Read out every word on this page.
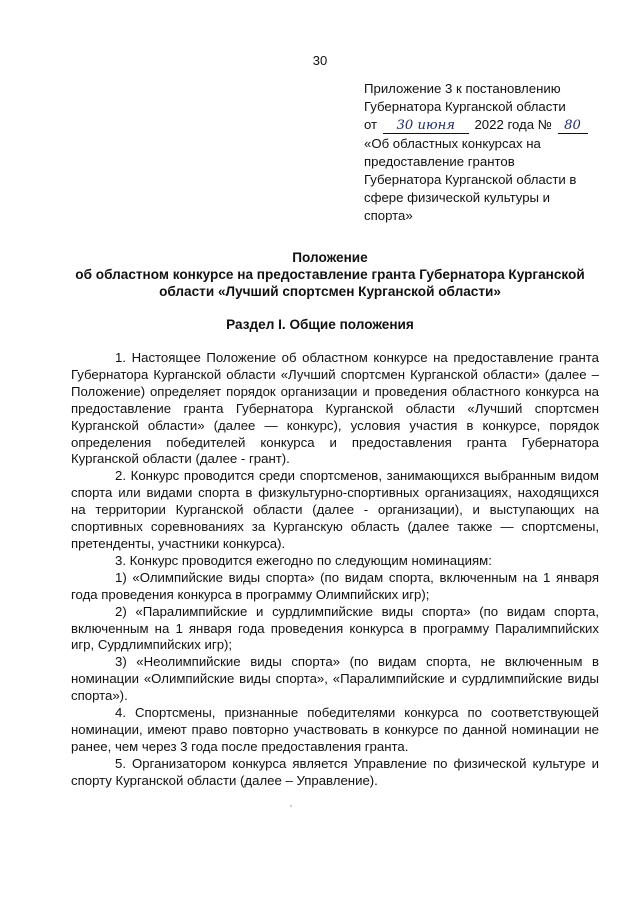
30
Приложение 3 к постановлению
Губернатора Курганской области
от 30 июня 2022 года № 80
«Об областных конкурсах на
предоставление грантов
Губернатора Курганской области в
сфере физической культуры и
спорта»
Положение
об областном конкурсе на предоставление гранта Губернатора Курганской
области «Лучший спортсмен Курганской области»
Раздел I. Общие положения

1. Настоящее Положение об областном конкурсе на предоставление гранта Губернатора Курганской области «Лучший спортсмен Курганской области» (далее – Положение) определяет порядок организации и проведения областного конкурса на предоставление гранта Губернатора Курганской области «Лучший спортсмен Курганской области» (далее — конкурс), условия участия в конкурсе, порядок определения победителей конкурса и предоставления гранта Губернатора Курганской области (далее - грант).

2. Конкурс проводится среди спортсменов, занимающихся выбранным видом спорта или видами спорта в физкультурно-спортивных организациях, находящихся на территории Курганской области (далее - организации), и выступающих на спортивных соревнованиях за Курганскую область (далее также — спортсмены, претенденты, участники конкурса).

3. Конкурс проводится ежегодно по следующим номинациям:

1) «Олимпийские виды спорта» (по видам спорта, включенным на 1 января года проведения конкурса в программу Олимпийских игр);

2) «Паралимпийские и сурдлимпийские виды спорта» (по видам спорта, включенным на 1 января года проведения конкурса в программу Паралимпийских игр, Сурдлимпийских игр);

3) «Неолимпийские виды спорта» (по видам спорта, не включенным в номинации «Олимпийские виды спорта», «Паралимпийские и сурдлимпийские виды спорта»).

4. Спортсмены, признанные победителями конкурса по соответствующей номинации, имеют право повторно участвовать в конкурсе по данной номинации не ранее, чем через 3 года после предоставления гранта.

5. Организатором конкурса является Управление по физической культуре и спорту Курганской области (далее – Управление).
